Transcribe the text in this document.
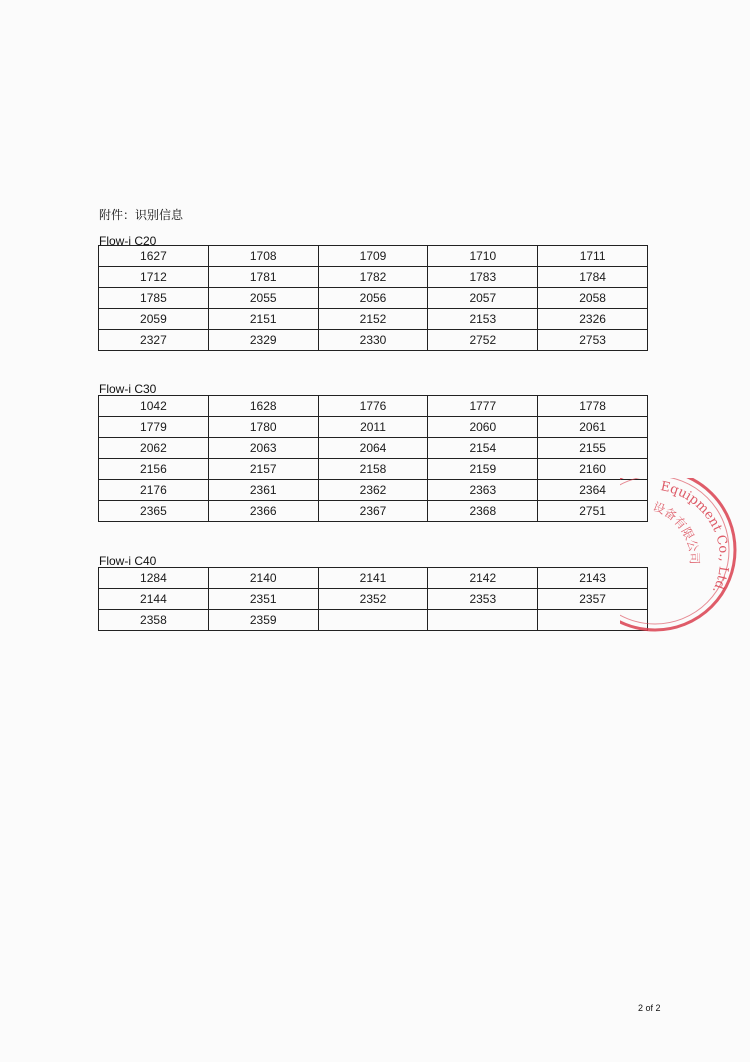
附件：识别信息
Flow-i C20
1627	1708	1709	1710	1711
1712	1781	1782	1783	1784
1785	2055	2056	2057	2058
2059	2151	2152	2153	2326
2327	2329	2330	2752	2753
Flow-i C30
1042	1628	1776	1777	1778
1779	1780	2011	2060	2061
2062	2063	2064	2154	2155
2156	2157	2158	2159	2160
2176	2361	2362	2363	2364
2365	2366	2367	2368	2751
Flow-i C40
1284	2140	2141	2142	2143
2144	2351	2352	2353	2357
2358	2359			
Equipment Co., Ltd.
设备有限公司
2 of 2
